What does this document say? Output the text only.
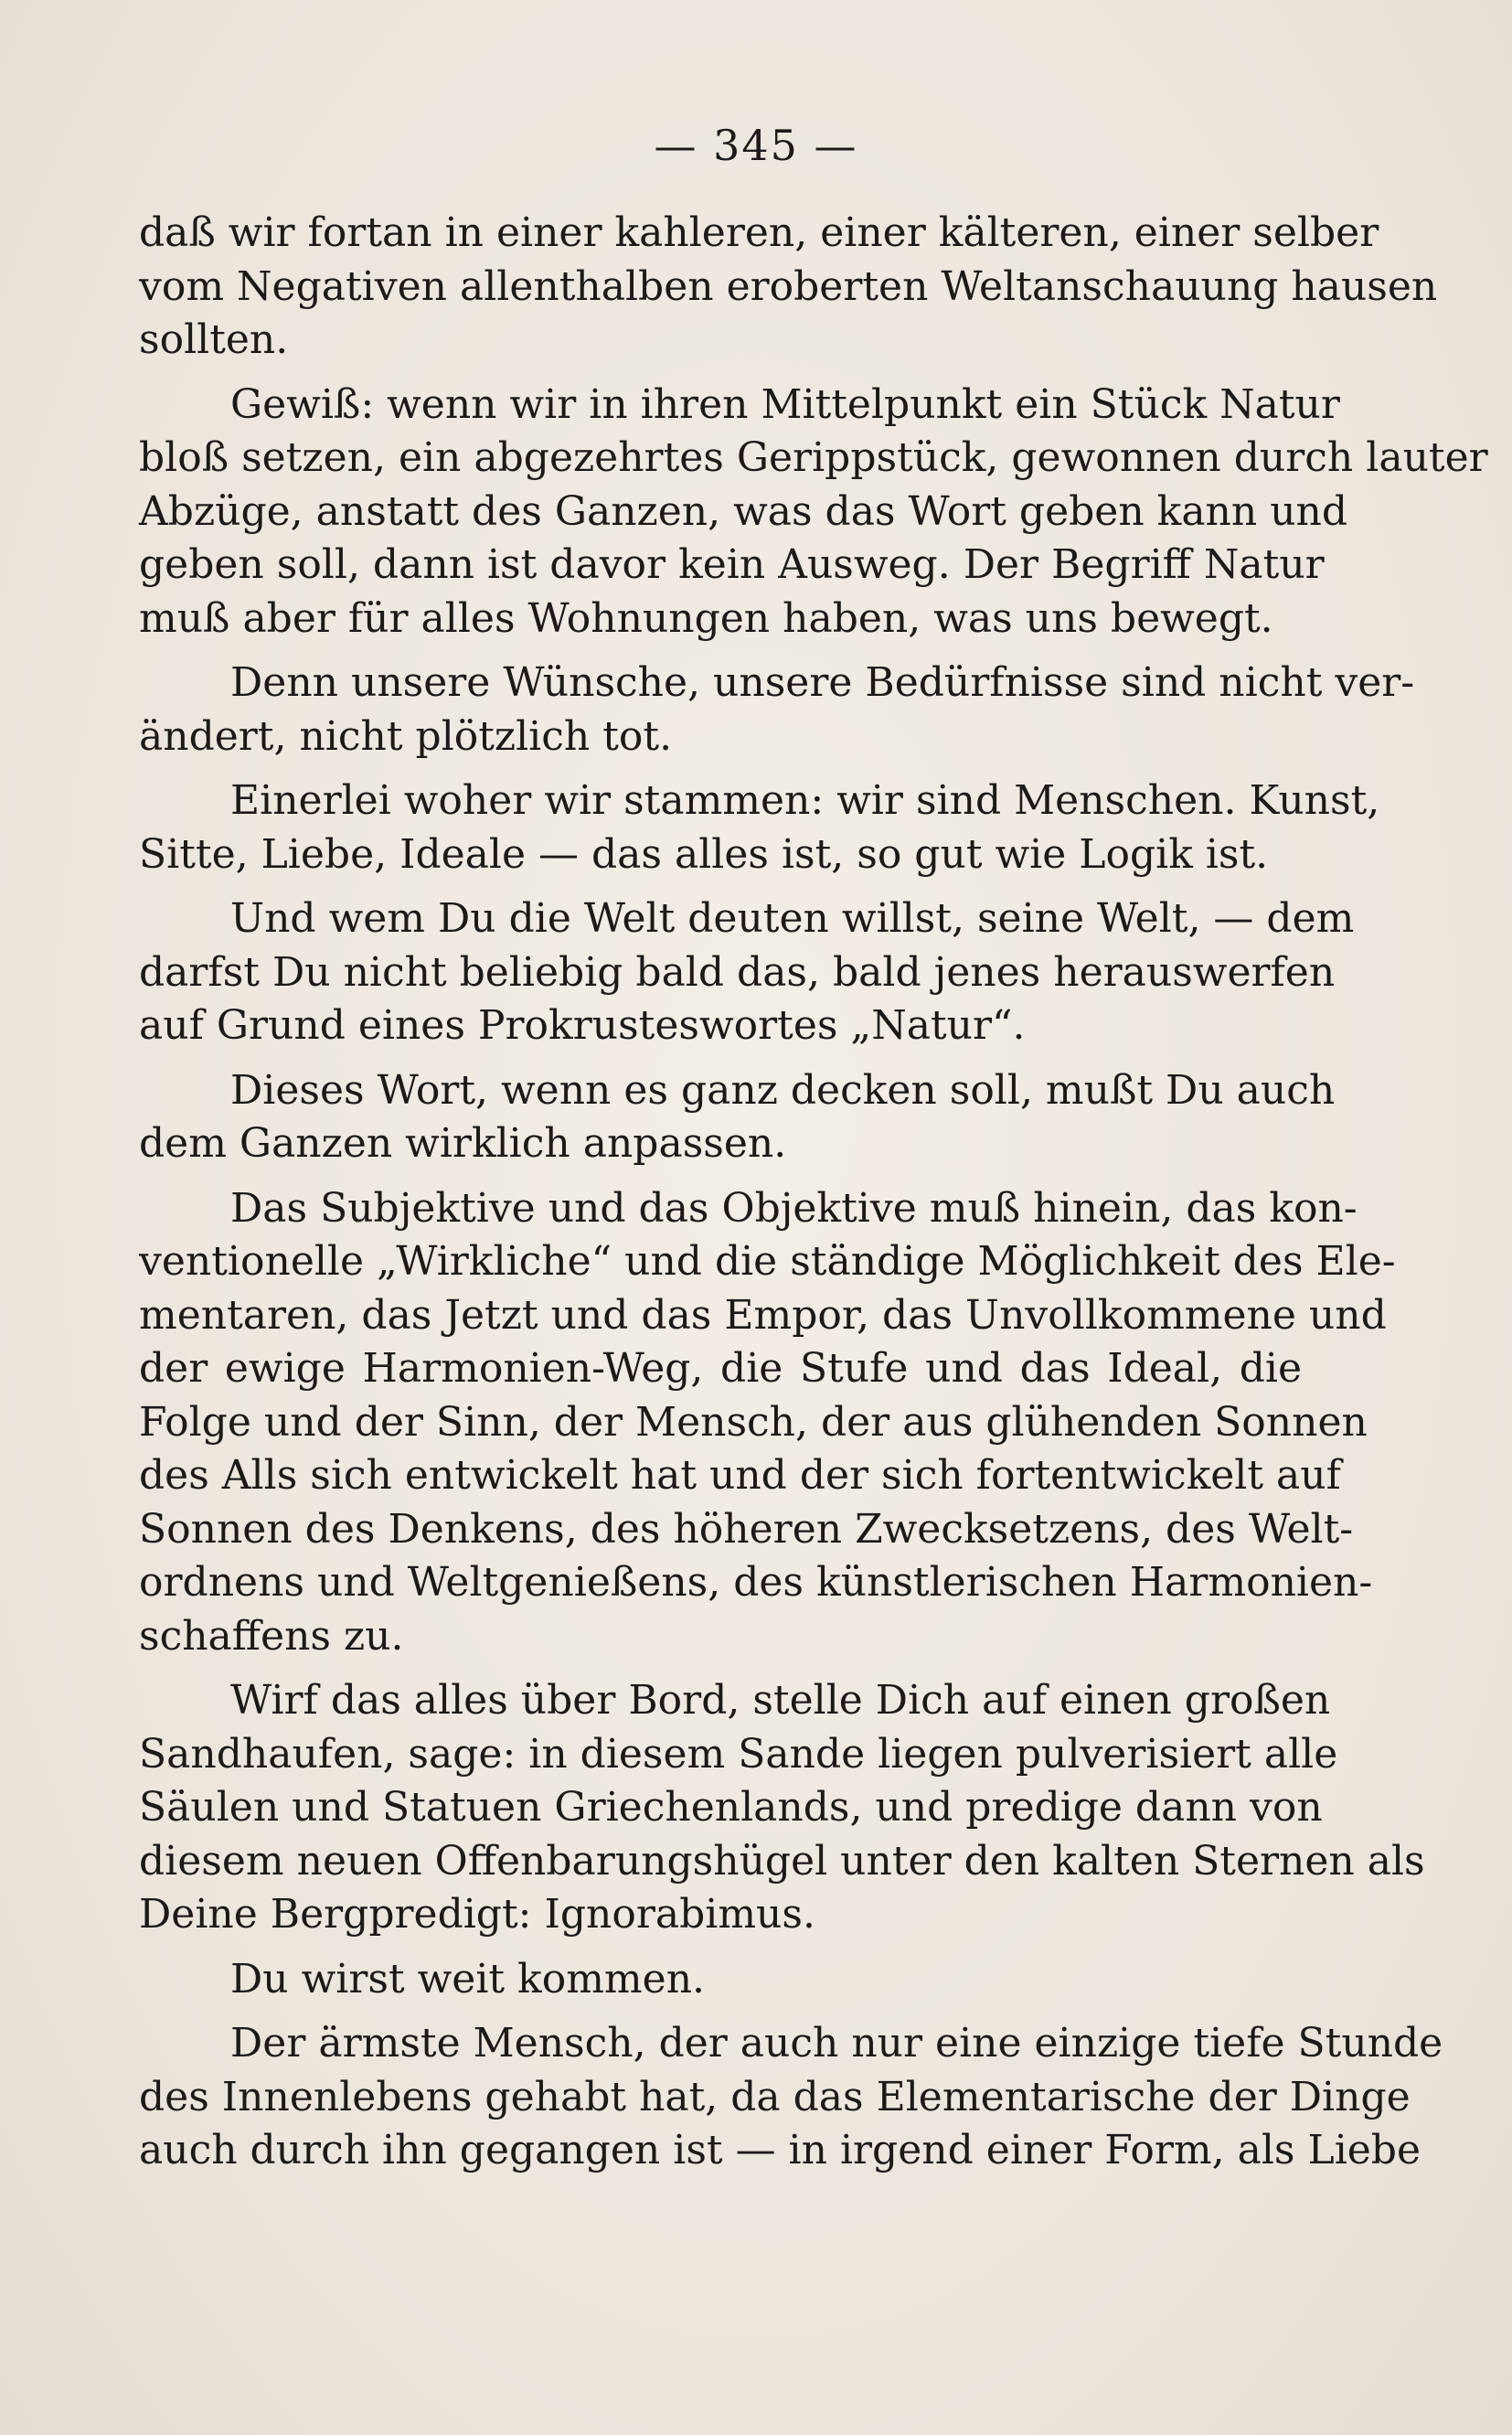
— 345 —
daß wir fortan in einer kahleren, einer kälteren, einer selber
vom Negativen allenthalben eroberten Weltanschauung hausen
sollten.
Gewiß: wenn wir in ihren Mittelpunkt ein Stück Natur
bloß setzen, ein abgezehrtes Gerippstück, gewonnen durch lauter
Abzüge, anstatt des Ganzen, was das Wort geben kann und
geben soll, dann ist davor kein Ausweg. Der Begriff Natur
muß aber für alles Wohnungen haben, was uns bewegt.
Denn unsere Wünsche, unsere Bedürfnisse sind nicht ver-
ändert, nicht plötzlich tot.
Einerlei woher wir stammen: wir sind Menschen. Kunst,
Sitte, Liebe, Ideale — das alles ist, so gut wie Logik ist.
Und wem Du die Welt deuten willst, seine Welt, — dem
darfst Du nicht beliebig bald das, bald jenes herauswerfen
auf Grund eines Prokrusteswortes „Natur“.
Dieses Wort, wenn es ganz decken soll, mußt Du auch
dem Ganzen wirklich anpassen.
Das Subjektive und das Objektive muß hinein, das kon-
ventionelle „Wirkliche“ und die ständige Möglichkeit des Ele-
mentaren, das Jetzt und das Empor, das Unvollkommene und
der ewige Harmonien-Weg, die Stufe und das Ideal, die
Folge und der Sinn, der Mensch, der aus glühenden Sonnen
des Alls sich entwickelt hat und der sich fortentwickelt auf
Sonnen des Denkens, des höheren Zwecksetzens, des Welt-
ordnens und Weltgenießens, des künstlerischen Harmonien-
schaffens zu.
Wirf das alles über Bord, stelle Dich auf einen großen
Sandhaufen, sage: in diesem Sande liegen pulverisiert alle
Säulen und Statuen Griechenlands, und predige dann von
diesem neuen Offenbarungshügel unter den kalten Sternen als
Deine Bergpredigt: Ignorabimus.
Du wirst weit kommen.
Der ärmste Mensch, der auch nur eine einzige tiefe Stunde
des Innenlebens gehabt hat, da das Elementarische der Dinge
auch durch ihn gegangen ist — in irgend einer Form, als Liebe
